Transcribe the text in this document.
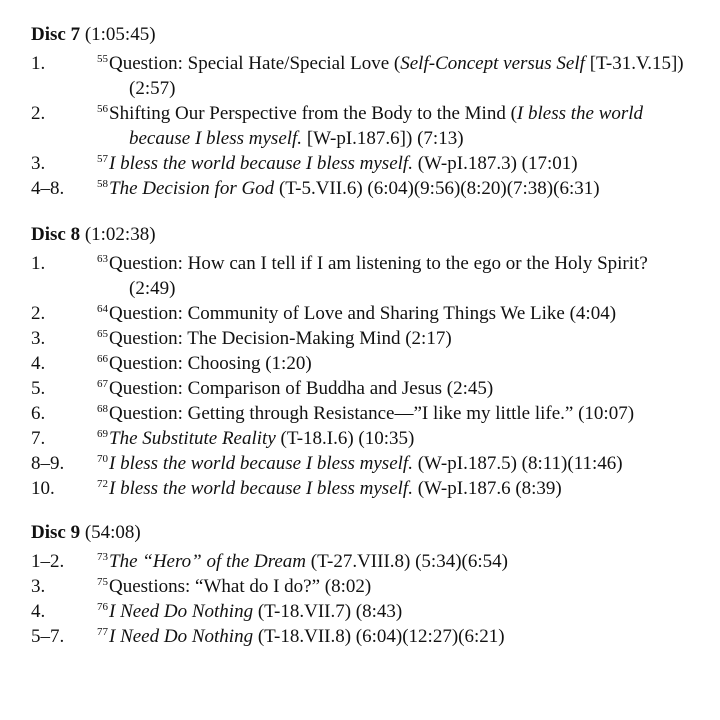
Disc 7 (1:05:45)
1.	$^{55}$Question: Special Hate/Special Love (Self-Concept versus Self [T-31.V.15]) (2:57)
2.	$^{56}$Shifting Our Perspective from the Body to the Mind (I bless the world because I bless myself. [W-pI.187.6]) (7:13)
3.	$^{57}$I bless the world because I bless myself. (W-pI.187.3) (17:01)
4–8.	$^{58}$The Decision for God (T-5.VII.6) (6:04)(9:56)(8:20)(7:38)(6:31)
Disc 8 (1:02:38)
1.	$^{63}$Question: How can I tell if I am listening to the ego or the Holy Spirit? (2:49)
2.	$^{64}$Question: Community of Love and Sharing Things We Like (4:04)
3.	$^{65}$Question: The Decision-Making Mind (2:17)
4.	$^{66}$Question: Choosing (1:20)
5.	$^{67}$Question: Comparison of Buddha and Jesus (2:45)
6.	$^{68}$Question: Getting through Resistance—”I like my little life.” (10:07)
7.	$^{69}$The Substitute Reality (T-18.I.6) (10:35)
8–9.	$^{70}$I bless the world because I bless myself. (W-pI.187.5) (8:11)(11:46)
10.	$^{72}$I bless the world because I bless myself. (W-pI.187.6 (8:39)
Disc 9 (54:08)
1–2.	$^{73}$The “Hero” of the Dream (T-27.VIII.8) (5:34)(6:54)
3.	$^{75}$Questions: “What do I do?” (8:02)
4.	$^{76}$I Need Do Nothing (T-18.VII.7) (8:43)
5–7.	$^{77}$I Need Do Nothing (T-18.VII.8) (6:04)(12:27)(6:21)
